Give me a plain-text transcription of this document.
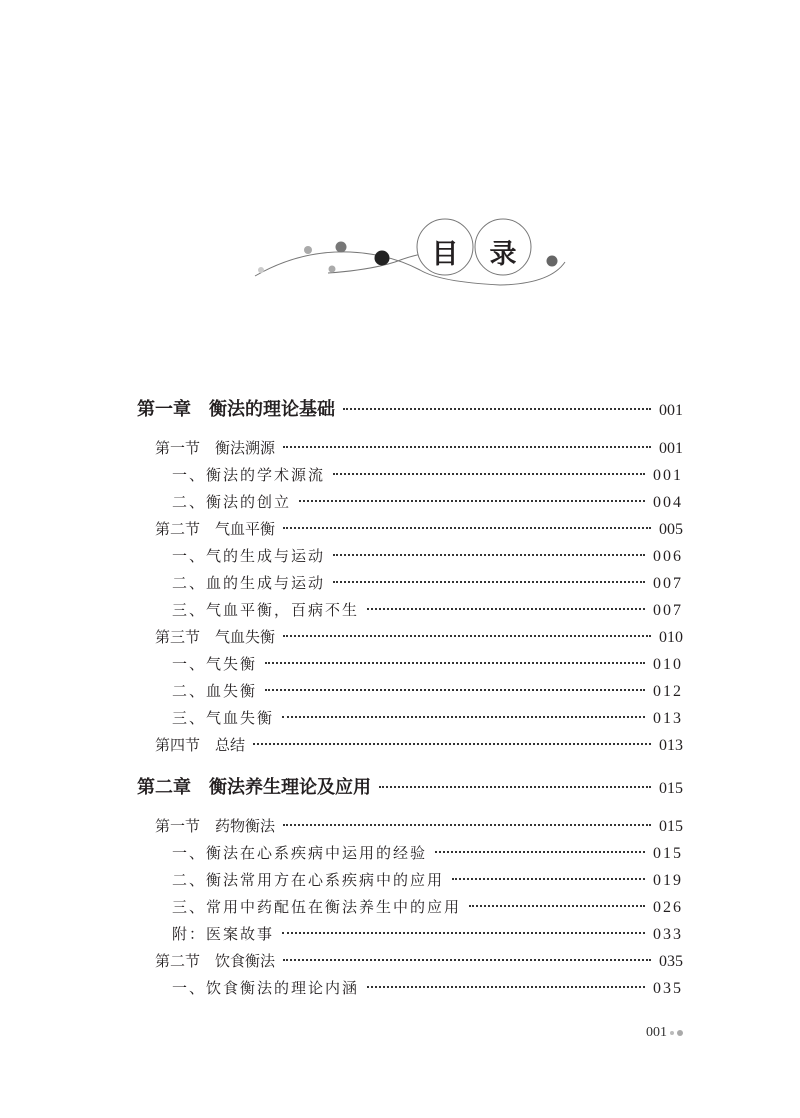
目 录
第一章　衡法的理论基础	001
第一节　衡法溯源	001
一、衡法的学术源流	001
二、衡法的创立	004
第二节　气血平衡	005
一、气的生成与运动	006
二、血的生成与运动	007
三、气血平衡，百病不生	007
第三节　气血失衡	010
一、气失衡	010
二、血失衡	012
三、气血失衡	013
第四节　总结	013
第二章　衡法养生理论及应用	015
第一节　药物衡法	015
一、衡法在心系疾病中运用的经验	015
二、衡法常用方在心系疾病中的应用	019
三、常用中药配伍在衡法养生中的应用	026
附：医案故事	033
第二节　饮食衡法	035
一、饮食衡法的理论内涵	035
001
